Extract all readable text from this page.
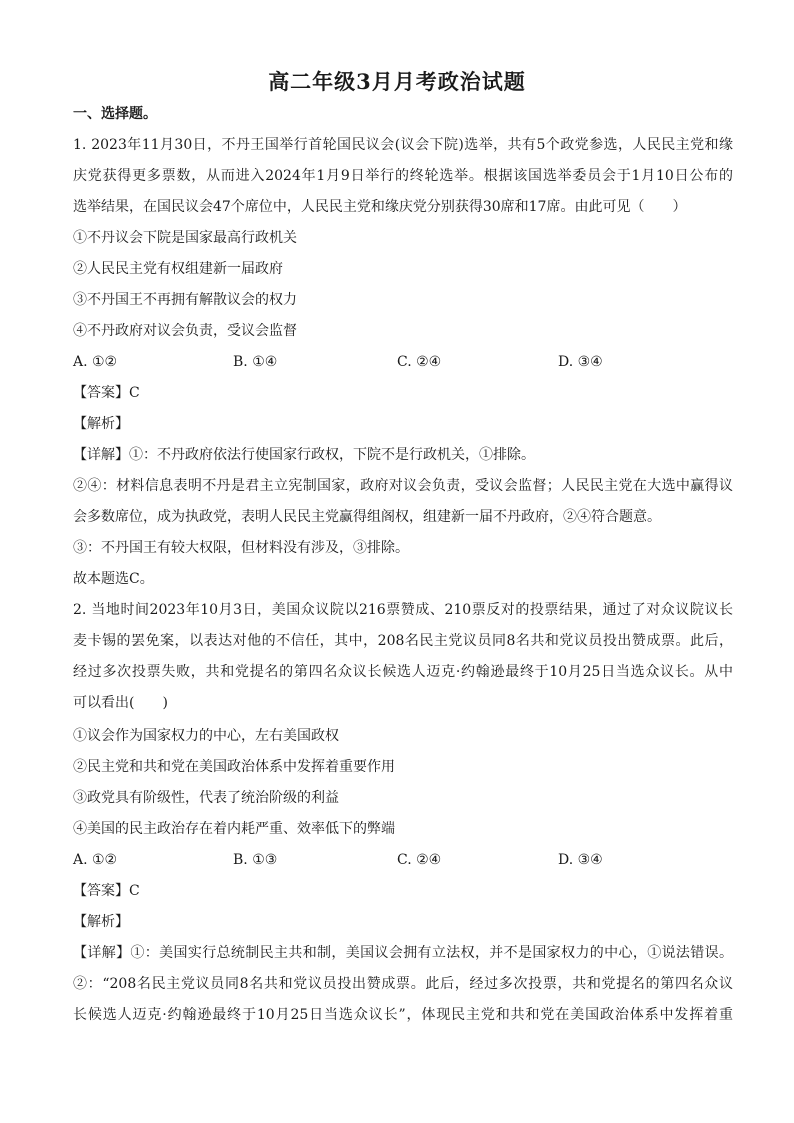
高二年级3月月考政治试题
一、选择题。
1. 2023年11月30日，不丹王国举行首轮国民议会(议会下院)选举，共有5个政党参选，人民民主党和缘
庆党获得更多票数，从而进入2024年1月9日举行的终轮选举。根据该国选举委员会于1月10日公布的
选举结果，在国民议会47个席位中，人民民主党和缘庆党分别获得30席和17席。由此可见（　　）
①不丹议会下院是国家最高行政机关
②人民民主党有权组建新一届政府
③不丹国王不再拥有解散议会的权力
④不丹政府对议会负责，受议会监督
A. ①②	B. ①④	C. ②④	D. ③④
【答案】C
【解析】
【详解】①：不丹政府依法行使国家行政权，下院不是行政机关，①排除。
②④：材料信息表明不丹是君主立宪制国家，政府对议会负责，受议会监督；人民民主党在大选中赢得议
会多数席位，成为执政党，表明人民民主党赢得组阁权，组建新一届不丹政府，②④符合题意。
③：不丹国王有较大权限，但材料没有涉及，③排除。
故本题选C。
2. 当地时间2023年10月3日，美国众议院以216票赞成、210票反对的投票结果，通过了对众议院议长
麦卡锡的罢免案，以表达对他的不信任，其中，208名民主党议员同8名共和党议员投出赞成票。此后，
经过多次投票失败，共和党提名的第四名众议长候选人迈克·约翰逊最终于10月25日当选众议长。从中
可以看出(　　)
①议会作为国家权力的中心，左右美国政权
②民主党和共和党在美国政治体系中发挥着重要作用
③政党具有阶级性，代表了统治阶级的利益
④美国的民主政治存在着内耗严重、效率低下的弊端
A. ①②	B. ①③	C. ②④	D. ③④
【答案】C
【解析】
【详解】①：美国实行总统制民主共和制，美国议会拥有立法权，并不是国家权力的中心，①说法错误。
②：“208名民主党议员同8名共和党议员投出赞成票。此后，经过多次投票，共和党提名的第四名众议
长候选人迈克·约翰逊最终于10月25日当选众议长”，体现民主党和共和党在美国政治体系中发挥着重
